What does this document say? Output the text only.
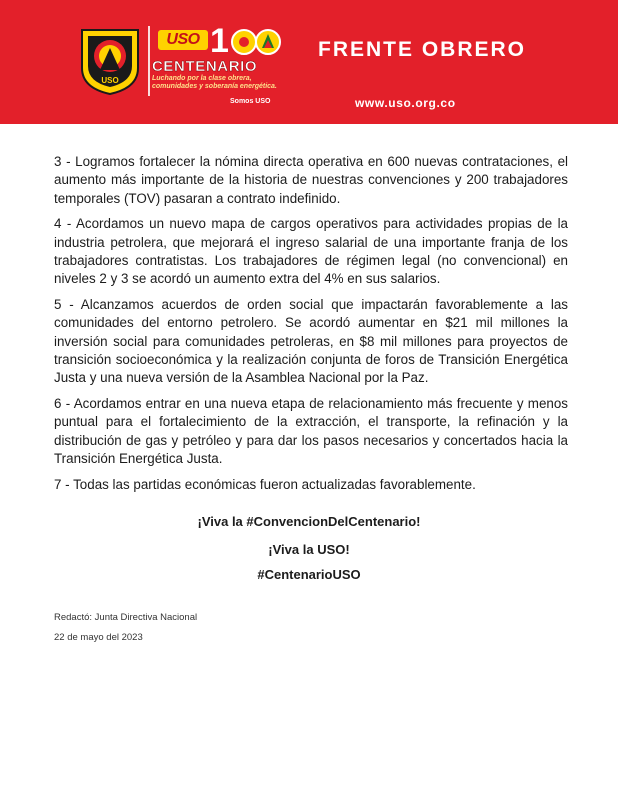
USO
USO 1
CENTENARIO
Luchando por la clase obrera, comunidades y soberanía energética.
Somos USO
FRENTE OBRERO
www.uso.org.co

3 - Logramos fortalecer la nómina directa operativa en 600 nuevas contrataciones, el aumento más importante de la historia de nuestras convenciones y 200 trabajadores temporales (TOV) pasaran a contrato indefinido.

4 - Acordamos un nuevo mapa de cargos operativos para actividades propias de la industria petrolera, que mejorará el ingreso salarial de una importante franja de los trabajadores contratistas. Los trabajadores de régimen legal (no convencional) en niveles 2 y 3 se acordó un aumento extra del 4% en sus salarios.

5 - Alcanzamos acuerdos de orden social que impactarán favorablemente a las comunidades del entorno petrolero. Se acordó aumentar en $21 mil millones la inversión social para comunidades petroleras, en $8 mil millones para proyectos de transición socioeconómica y la realización conjunta de foros de Transición Energética Justa y una nueva versión de la Asamblea Nacional por la Paz.

6 - Acordamos entrar en una nueva etapa de relacionamiento más frecuente y menos puntual para el fortalecimiento de la extracción, el transporte, la refinación y la distribución de gas y petróleo y para dar los pasos necesarios y concertados hacia la Transición Energética Justa.

7 - Todas las partidas económicas fueron actualizadas favorablemente.

¡Viva la #ConvencionDelCentenario!
¡Viva la USO!
#CentenarioUSO
Redactó: Junta Directiva Nacional
22 de mayo del 2023
